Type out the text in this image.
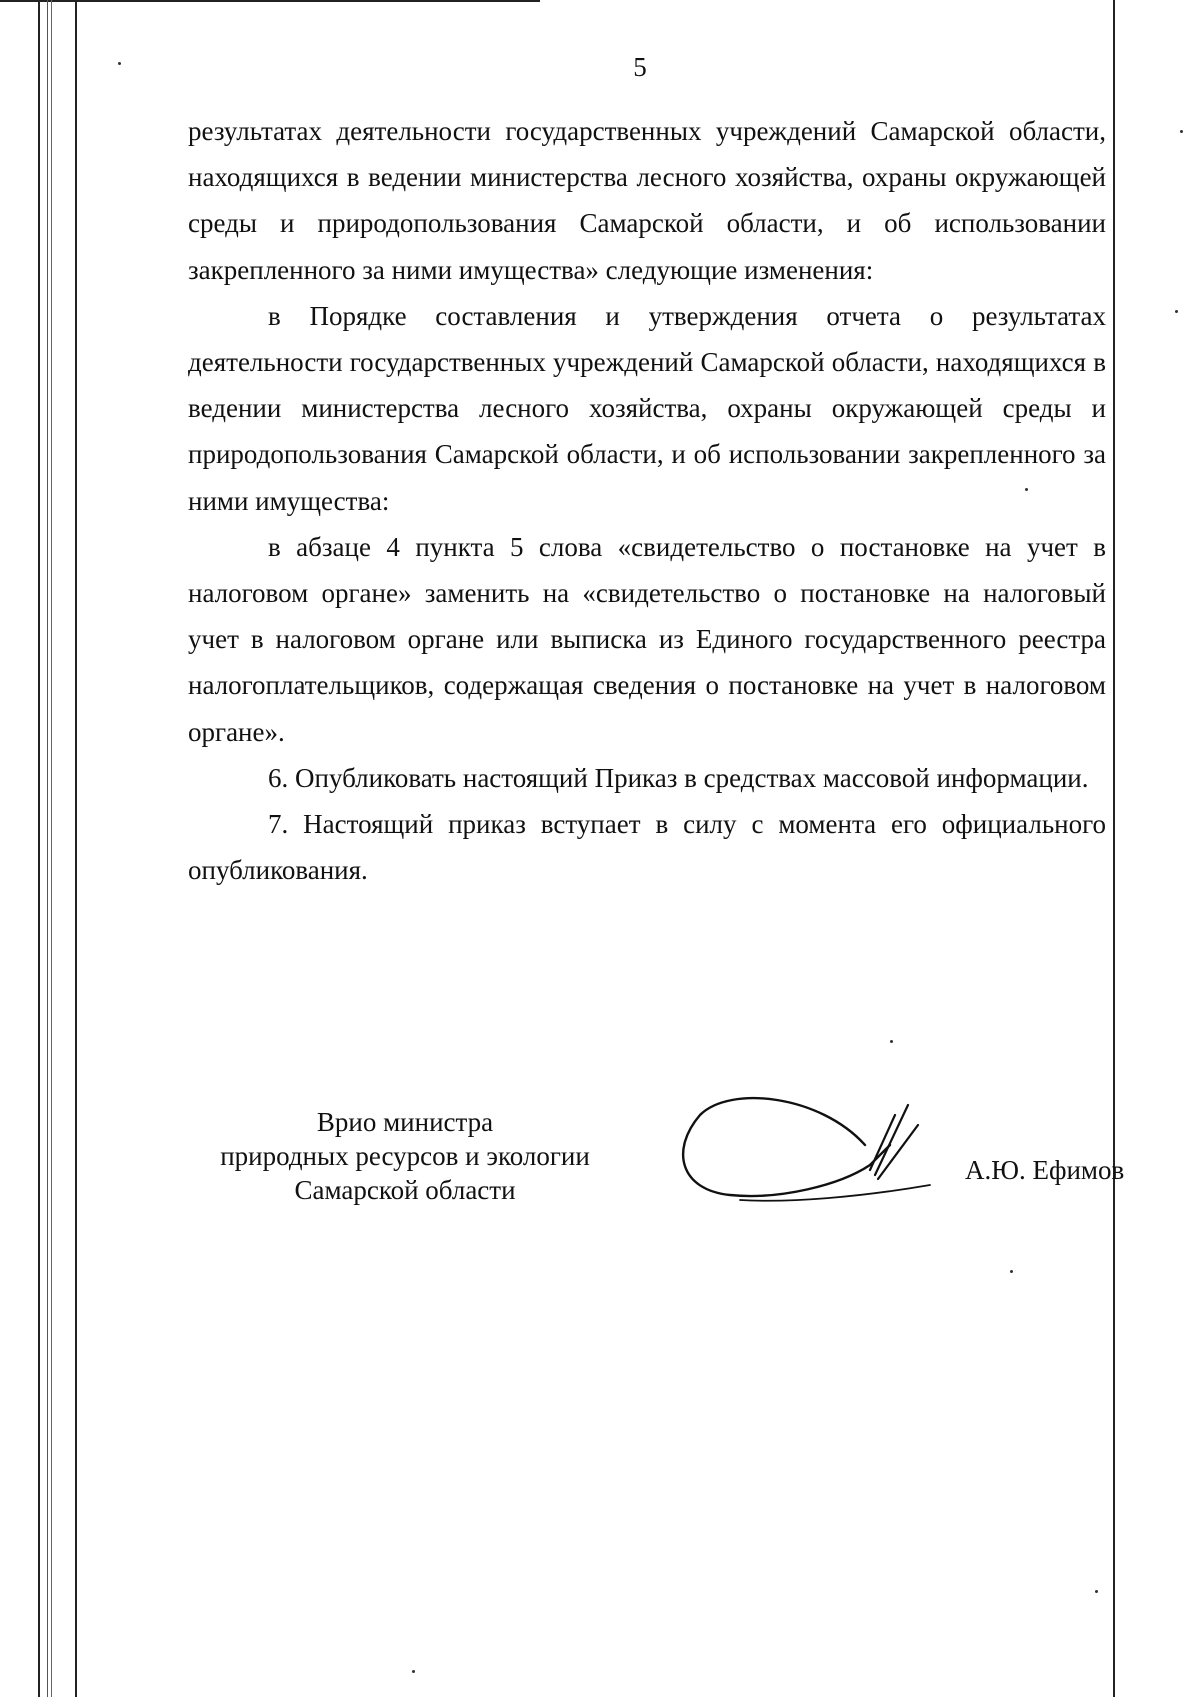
5

результатах деятельности государственных учреждений Самарской области, находящихся в ведении министерства лесного хозяйства, охраны окружающей среды и природопользования Самарской области, и об использовании закрепленного за ними имущества» следующие изменения:

в Порядке составления и утверждения отчета о результатах деятельности государственных учреждений Самарской области, находящихся в ведении министерства лесного хозяйства, охраны окружающей среды и природопользования Самарской области, и об использовании закрепленного за ними имущества:

в абзаце 4 пункта 5 слова «свидетельство о постановке на учет в налоговом органе» заменить на «свидетельство о постановке на налоговый учет в налоговом органе или выписка из Единого государственного реестра налогоплательщиков, содержащая сведения о постановке на учет в налоговом органе».

6. Опубликовать настоящий Приказ в средствах массовой информации.

7. Настоящий приказ вступает в силу с момента его официального опубликования.

Врио министра
природных ресурсов и экологии
Самарской области
А.Ю. Ефимов
